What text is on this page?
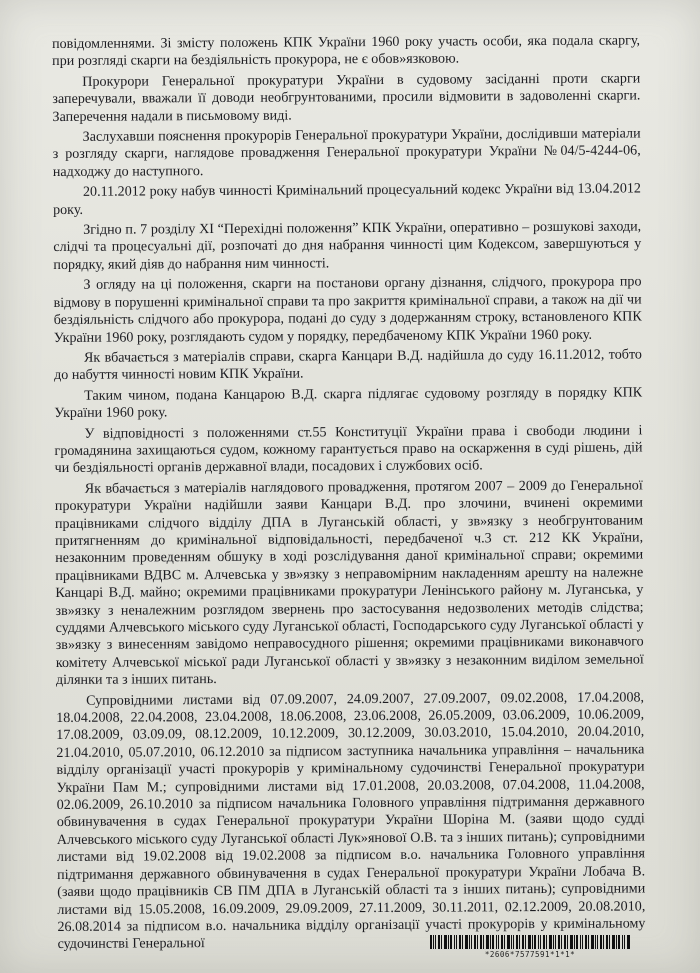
повідомленнями. Зі змісту положень КПК України 1960 року участь особи, яка подала скаргу, при розгляді скарги на бездіяльність прокурора, не є обов»язковою.

Прокурори Генеральної прокуратури України в судовому засіданні проти скарги заперечували, вважали її доводи необгрунтованими, просили відмовити в задоволенні скарги. Заперечення надали в письмовому виді.

Заслухавши пояснення прокурорів Генеральної прокуратури України, дослідивши матеріали з розгляду скарги, наглядове провадження Генеральної прокуратури України №04/5-4244-06, надходжу до наступного.

20.11.2012 року набув чинності Кримінальний процесуальний кодекс України від 13.04.2012 року.

Згідно п. 7 розділу XI “Перехідні положення” КПК України, оперативно – розшукові заходи, слідчі та процесуальні дії, розпочаті до дня набрання чинності цим Кодексом, завершуються у порядку, який діяв до набрання ним чинності.

З огляду на ці положення, скарги на постанови органу дізнання, слідчого, прокурора про відмову в порушенні кримінальної справи та про закриття кримінальної справи, а також на дії чи бездіяльність слідчого або прокурора, подані до суду з додержанням строку, встановленого КПК України 1960 року, розглядають судом у порядку, передбаченому КПК України 1960 року.

Як вбачається з матеріалів справи, скарга Канцари В.Д. надійшла до суду 16.11.2012, тобто до набуття чинності новим КПК України.

Таким чином, подана Канцарою В.Д. скарга підлягає судовому розгляду в порядку КПК України 1960 року.

У відповідності з положеннями ст.55 Конституції України права і свободи людини і громадянина захищаються судом, кожному гарантується право на оскарження в суді рішень, дій чи бездіяльності органів державної влади, посадових і службових осіб.

Як вбачається з матеріалів наглядового провадження, протягом 2007 – 2009 до Генеральної прокуратури України надійшли заяви Канцари В.Д. про злочини, вчинені окремими працівниками слідчого відділу ДПА в Луганській області, у зв»язку з необгрунтованим притягненням до кримінальної відповідальності, передбаченої ч.3 ст. 212 КК України, незаконним проведенням обшуку в ході розслідування даної кримінальної справи; окремими працівниками ВДВС м. Алчевська у зв»язку з неправомірним накладенням арешту на належне Канцарі В.Д. майно; окремими працівниками прокуратури Ленінського району м. Луганська, у зв»язку з неналежним розглядом звернень про застосування недозволених методів слідства; суддями Алчевського міського суду Луганської області, Господарського суду Луганської області у зв»язку з винесенням завідомо неправосудного рішення; окремими працівниками виконавчого комітету Алчевської міської ради Луганської області у зв»язку з незаконним виділом земельної ділянки та з інших питань.

Супровідними листами від 07.09.2007, 24.09.2007, 27.09.2007, 09.02.2008, 17.04.2008, 18.04.2008, 22.04.2008, 23.04.2008, 18.06.2008, 23.06.2008, 26.05.2009, 03.06.2009, 10.06.2009, 17.08.2009, 03.09.09, 08.12.2009, 10.12.2009, 30.12.2009, 30.03.2010, 15.04.2010, 20.04.2010, 21.04.2010, 05.07.2010, 06.12.2010 за підписом заступника начальника управління – начальника відділу організації участі прокурорів у кримінальному судочинстві Генеральної прокуратури України Пам М.; супровідними листами від 17.01.2008, 20.03.2008, 07.04.2008, 11.04.2008, 02.06.2009, 26.10.2010 за підписом начальника Головного управління підтримання державного обвинувачення в судах Генеральної прокуратури України Шоріна М. (заяви щодо судді Алчевського міського суду Луганської області Лук»янової О.В. та з інших питань); супровідними листами від 19.02.2008 від 19.02.2008 за підписом в.о. начальника Головного управління підтримання державного обвинувачення в судах Генеральної прокуратури України Лобача В. (заяви щодо працівників СВ ПМ ДПА в Луганській області та з інших питань); супровідними листами від 15.05.2008, 16.09.2009, 29.09.2009, 27.11.2009, 30.11.2011, 02.12.2009, 20.08.2010, 26.08.2014 за підписом в.о. начальника відділу організації участі прокурорів у кримінальному судочинстві Генеральної

*2606*7577591*1*1*
